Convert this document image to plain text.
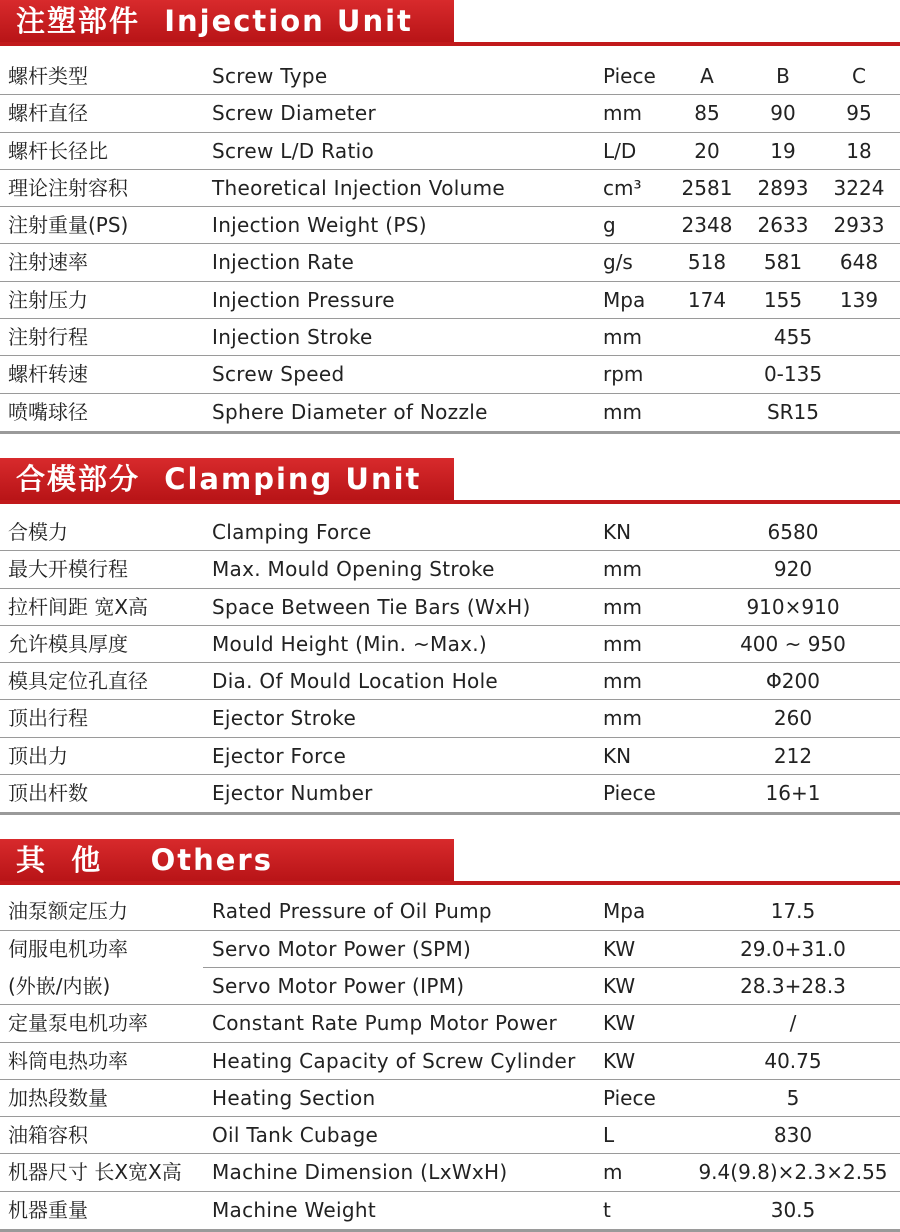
注塑部件  Injection Unit
螺杆类型	Screw Type	Piece	A	B	C
螺杆直径	Screw Diameter	mm	85	90	95
螺杆长径比	Screw L/D Ratio	L/D	20	19	18
理论注射容积	Theoretical Injection Volume	cm³	2581	2893	3224
注射重量(PS)	Injection Weight (PS)	g	2348	2633	2933
注射速率	Injection Rate	g/s	518	581	648
注射压力	Injection Pressure	Mpa	174	155	139
注射行程	Injection Stroke	mm	455
螺杆转速	Screw Speed	rpm	0-135
喷嘴球径	Sphere Diameter of Nozzle	mm	SR15
合模部分  Clamping Unit
合模力	Clamping Force	KN	6580
最大开模行程	Max. Mould Opening Stroke	mm	920
拉杆间距 宽X高	Space Between Tie Bars (WxH)	mm	910×910
允许模具厚度	Mould Height (Min. ~Max.)	mm	400 ~ 950
模具定位孔直径	Dia. Of Mould Location Hole	mm	Φ200
顶出行程	Ejector Stroke	mm	260
顶出力	Ejector Force	KN	212
顶出杆数	Ejector Number	Piece	16+1
其  他    Others
油泵额定压力	Rated Pressure of Oil Pump	Mpa	17.5
伺服电机功率	Servo Motor Power (SPM)	KW	29.0+31.0
(外嵌/内嵌)	Servo Motor Power (IPM)	KW	28.3+28.3
定量泵电机功率	Constant Rate Pump Motor Power KW	/
料筒电热功率	Heating Capacity of Screw Cylinder KW	40.75
加热段数量	Heating Section	Piece	5
油箱容积	Oil Tank Cubage	L	830
机器尺寸 长X宽X高 Machine Dimension (LxWxH)	m	9.4(9.8)×2.3×2.55
机器重量	Machine Weight	t	30.5
